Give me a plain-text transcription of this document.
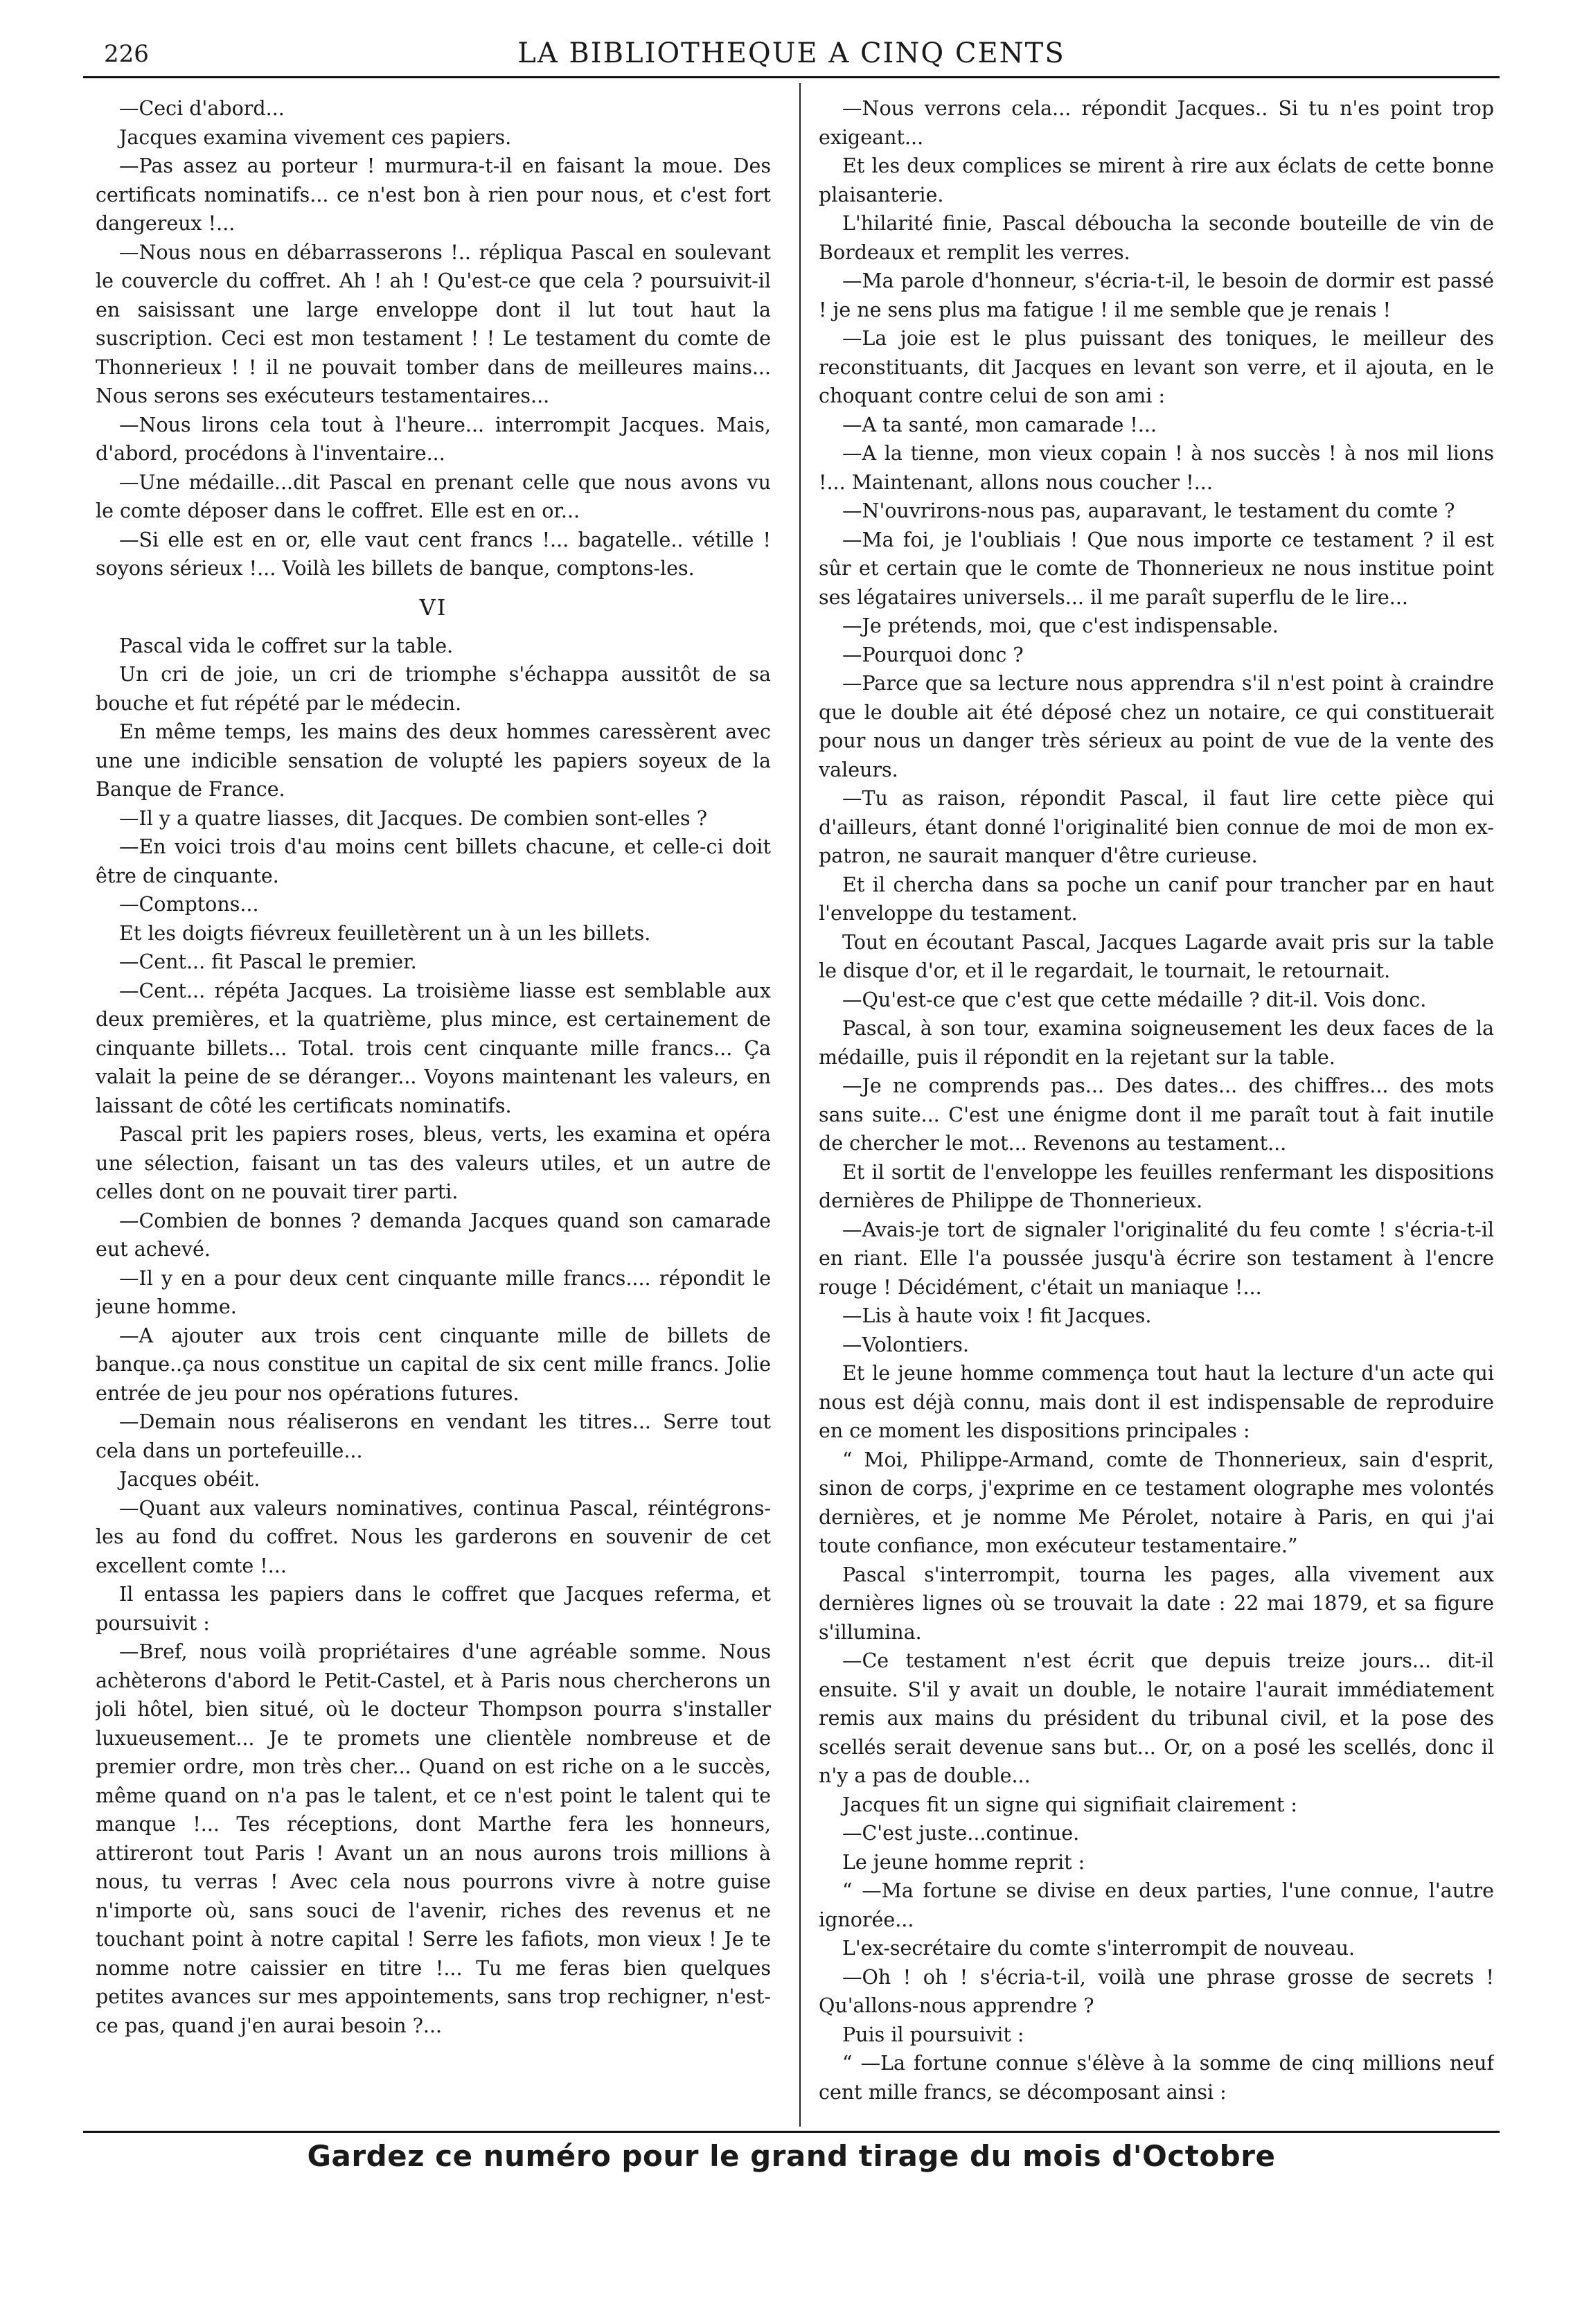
226	LA BIBLIOTHEQUE A CINQ CENTS

—Ceci d'abord...

Jacques examina vivement ces papiers.

—Pas assez au porteur ! murmura-t-il en faisant la moue. Des certificats nominatifs... ce n'est bon à rien pour nous, et c'est fort dangereux !...

—Nous nous en débarrasserons !.. répliqua Pascal en soulevant le couvercle du coffret. Ah ! ah ! Qu'est-ce que cela ? poursuivit-il en saisissant une large enveloppe dont il lut tout haut la suscription. Ceci est mon testament ! ! Le testament du comte de Thonnerieux ! ! il ne pouvait tomber dans de meilleures mains... Nous serons ses exécuteurs testamentaires...

—Nous lirons cela tout à l'heure... interrompit Jacques. Mais, d'abord, procédons à l'inventaire...

—Une médaille...dit Pascal en prenant celle que nous avons vu le comte déposer dans le coffret. Elle est en or...

—Si elle est en or, elle vaut cent francs !... bagatelle.. vétille ! soyons sérieux !... Voilà les billets de banque, comptons-les.

VI

Pascal vida le coffret sur la table.

Un cri de joie, un cri de triomphe s'échappa aussitôt de sa bouche et fut répété par le médecin.

En même temps, les mains des deux hommes caressèrent avec une une indicible sensation de volupté les papiers soyeux de la Banque de France.

—Il y a quatre liasses, dit Jacques. De combien sont-elles ?

—En voici trois d'au moins cent billets chacune, et celle-ci doit être de cinquante.

—Comptons...

Et les doigts fiévreux feuilletèrent un à un les billets.

—Cent... fit Pascal le premier.

—Cent... répéta Jacques. La troisième liasse est semblable aux deux premières, et la quatrième, plus mince, est certainement de cinquante billets... Total. trois cent cinquante mille francs... Ça valait la peine de se déranger... Voyons maintenant les valeurs, en laissant de côté les certificats nominatifs.

Pascal prit les papiers roses, bleus, verts, les examina et opéra une sélection, faisant un tas des valeurs utiles, et un autre de celles dont on ne pouvait tirer parti.

—Combien de bonnes ? demanda Jacques quand son camarade eut achevé.

—Il y en a pour deux cent cinquante mille francs.... répondit le jeune homme.

—A ajouter aux trois cent cinquante mille de billets de banque..ça nous constitue un capital de six cent mille francs. Jolie entrée de jeu pour nos opérations futures.

—Demain nous réaliserons en vendant les titres... Serre tout cela dans un portefeuille...

Jacques obéit.

—Quant aux valeurs nominatives, continua Pascal, réintégrons-les au fond du coffret. Nous les garderons en souvenir de cet excellent comte !...

Il entassa les papiers dans le coffret que Jacques referma, et poursuivit :

—Bref, nous voilà propriétaires d'une agréable somme. Nous achèterons d'abord le Petit-Castel, et à Paris nous chercherons un joli hôtel, bien situé, où le docteur Thompson pourra s'installer luxueusement... Je te promets une clientèle nombreuse et de premier ordre, mon très cher... Quand on est riche on a le succès, même quand on n'a pas le talent, et ce n'est point le talent qui te manque !... Tes réceptions, dont Marthe fera les honneurs, attireront tout Paris ! Avant un an nous aurons trois millions à nous, tu verras ! Avec cela nous pourrons vivre à notre guise n'importe où, sans souci de l'avenir, riches des revenus et ne touchant point à notre capital ! Serre les fafiots, mon vieux ! Je te nomme notre caissier en titre !... Tu me feras bien quelques petites avances sur mes appointements, sans trop rechigner, n'est-ce pas, quand j'en aurai besoin ?...

—Nous verrons cela... répondit Jacques.. Si tu n'es point trop exigeant...

Et les deux complices se mirent à rire aux éclats de cette bonne plaisanterie.

L'hilarité finie, Pascal déboucha la seconde bouteille de vin de Bordeaux et remplit les verres.

—Ma parole d'honneur, s'écria-t-il, le besoin de dormir est passé ! je ne sens plus ma fatigue ! il me semble que je renais !

—La joie est le plus puissant des toniques, le meilleur des reconstituants, dit Jacques en levant son verre, et il ajouta, en le choquant contre celui de son ami :

—A ta santé, mon camarade !...

—A la tienne, mon vieux copain ! à nos succès ! à nos mil lions !... Maintenant, allons nous coucher !...

—N'ouvrirons-nous pas, auparavant, le testament du comte ?

—Ma foi, je l'oubliais ! Que nous importe ce testament ? il est sûr et certain que le comte de Thonnerieux ne nous institue point ses légataires universels... il me paraît superflu de le lire...

—Je prétends, moi, que c'est indispensable.

—Pourquoi donc ?

—Parce que sa lecture nous apprendra s'il n'est point à craindre que le double ait été déposé chez un notaire, ce qui constituerait pour nous un danger très sérieux au point de vue de la vente des valeurs.

—Tu as raison, répondit Pascal, il faut lire cette pièce qui d'ailleurs, étant donné l'originalité bien connue de moi de mon ex-patron, ne saurait manquer d'être curieuse.

Et il chercha dans sa poche un canif pour trancher par en haut l'enveloppe du testament.

Tout en écoutant Pascal, Jacques Lagarde avait pris sur la table le disque d'or, et il le regardait, le tournait, le retournait.

—Qu'est-ce que c'est que cette médaille ? dit-il. Vois donc.

Pascal, à son tour, examina soigneusement les deux faces de la médaille, puis il répondit en la rejetant sur la table.

—Je ne comprends pas... Des dates... des chiffres... des mots sans suite... C'est une énigme dont il me paraît tout à fait inutile de chercher le mot... Revenons au testament...

Et il sortit de l'enveloppe les feuilles renfermant les dispositions dernières de Philippe de Thonnerieux.

—Avais-je tort de signaler l'originalité du feu comte ! s'écria-t-il en riant. Elle l'a poussée jusqu'à écrire son testament à l'encre rouge ! Décidément, c'était un maniaque !...

—Lis à haute voix ! fit Jacques.

—Volontiers.

Et le jeune homme commença tout haut la lecture d'un acte qui nous est déjà connu, mais dont il est indispensable de reproduire en ce moment les dispositions principales :

“ Moi, Philippe-Armand, comte de Thonnerieux, sain d'esprit, sinon de corps, j'exprime en ce testament olographe mes volontés dernières, et je nomme Me Pérolet, notaire à Paris, en qui j'ai toute confiance, mon exécuteur testamentaire.”

Pascal s'interrompit, tourna les pages, alla vivement aux dernières lignes où se trouvait la date : 22 mai 1879, et sa figure s'illumina.

—Ce testament n'est écrit que depuis treize jours... dit-il ensuite. S'il y avait un double, le notaire l'aurait immédiatement remis aux mains du président du tribunal civil, et la pose des scellés serait devenue sans but... Or, on a posé les scellés, donc il n'y a pas de double...

Jacques fit un signe qui signifiait clairement :

—C'est juste...continue.

Le jeune homme reprit :

“ —Ma fortune se divise en deux parties, l'une connue, l'autre ignorée...

L'ex-secrétaire du comte s'interrompit de nouveau.

—Oh ! oh ! s'écria-t-il, voilà une phrase grosse de secrets ! Qu'allons-nous apprendre ?

Puis il poursuivit :

“ —La fortune connue s'élève à la somme de cinq millions neuf cent mille francs, se décomposant ainsi :

Gardez ce numéro pour le grand tirage du mois d'Octobre
